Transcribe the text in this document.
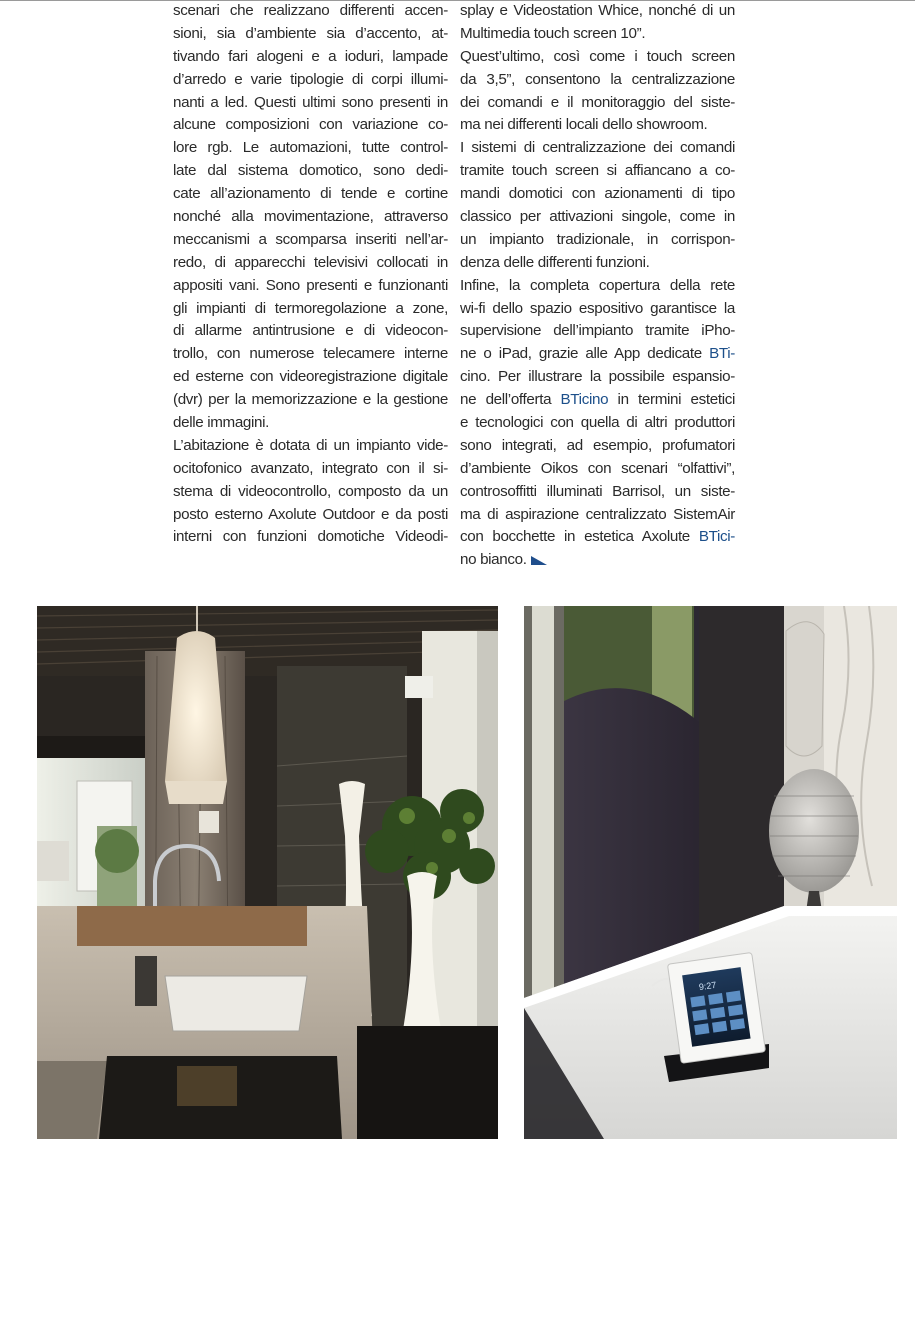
scenari che realizzano differenti accen-
sioni, sia d’ambiente sia d’accento, at-
tivando fari alogeni e a ioduri, lampade
d’arredo e varie tipologie di corpi illumi-
nanti a led. Questi ultimi sono presenti in
alcune composizioni con variazione co-
lore rgb. Le automazioni, tutte control-
late dal sistema domotico, sono dedi-
cate all’azionamento di tende e cortine
nonché alla movimentazione, attraverso
meccanismi a scomparsa inseriti nell’ar-
redo, di apparecchi televisivi collocati in
appositi vani. Sono presenti e funzionanti
gli impianti di termoregolazione a zone,
di allarme antintrusione e di videocon-
trollo, con numerose telecamere interne
ed esterne con videoregistrazione digitale
(dvr) per la memorizzazione e la gestione
delle immagini.
L’abitazione è dotata di un impianto vide-
ocitofonico avanzato, integrato con il si-
stema di videocontrollo, composto da un
posto esterno Axolute Outdoor e da posti
interni con funzioni domotiche Videodi-
splay e Videostation Whice, nonché di un
Multimedia touch screen 10”.
Quest’ultimo, così come i touch screen
da 3,5”, consentono la centralizzazione
dei comandi e il monitoraggio del siste-
ma nei differenti locali dello showroom.
I sistemi di centralizzazione dei comandi
tramite touch screen si affiancano a co-
mandi domotici con azionamenti di tipo
classico per attivazioni singole, come in
un impianto tradizionale, in corrispon-
denza delle differenti funzioni.
Infine, la completa copertura della rete
wi-fi dello spazio espositivo garantisce la
supervisione dell’impianto tramite iPho-
ne o iPad, grazie alle App dedicate BTi-
cino. Per illustrare la possibile espansio-
ne dell’offerta BTicino in termini estetici
e tecnologici con quella di altri produttori
sono integrati, ad esempio, profumatori
d’ambiente Oikos con scenari “olfattivi”,
controsoffitti illuminati Barrisol, un siste-
ma di aspirazione centralizzato SistemAir
con bocchette in estetica Axolute BTici-
no bianco.
9:27
